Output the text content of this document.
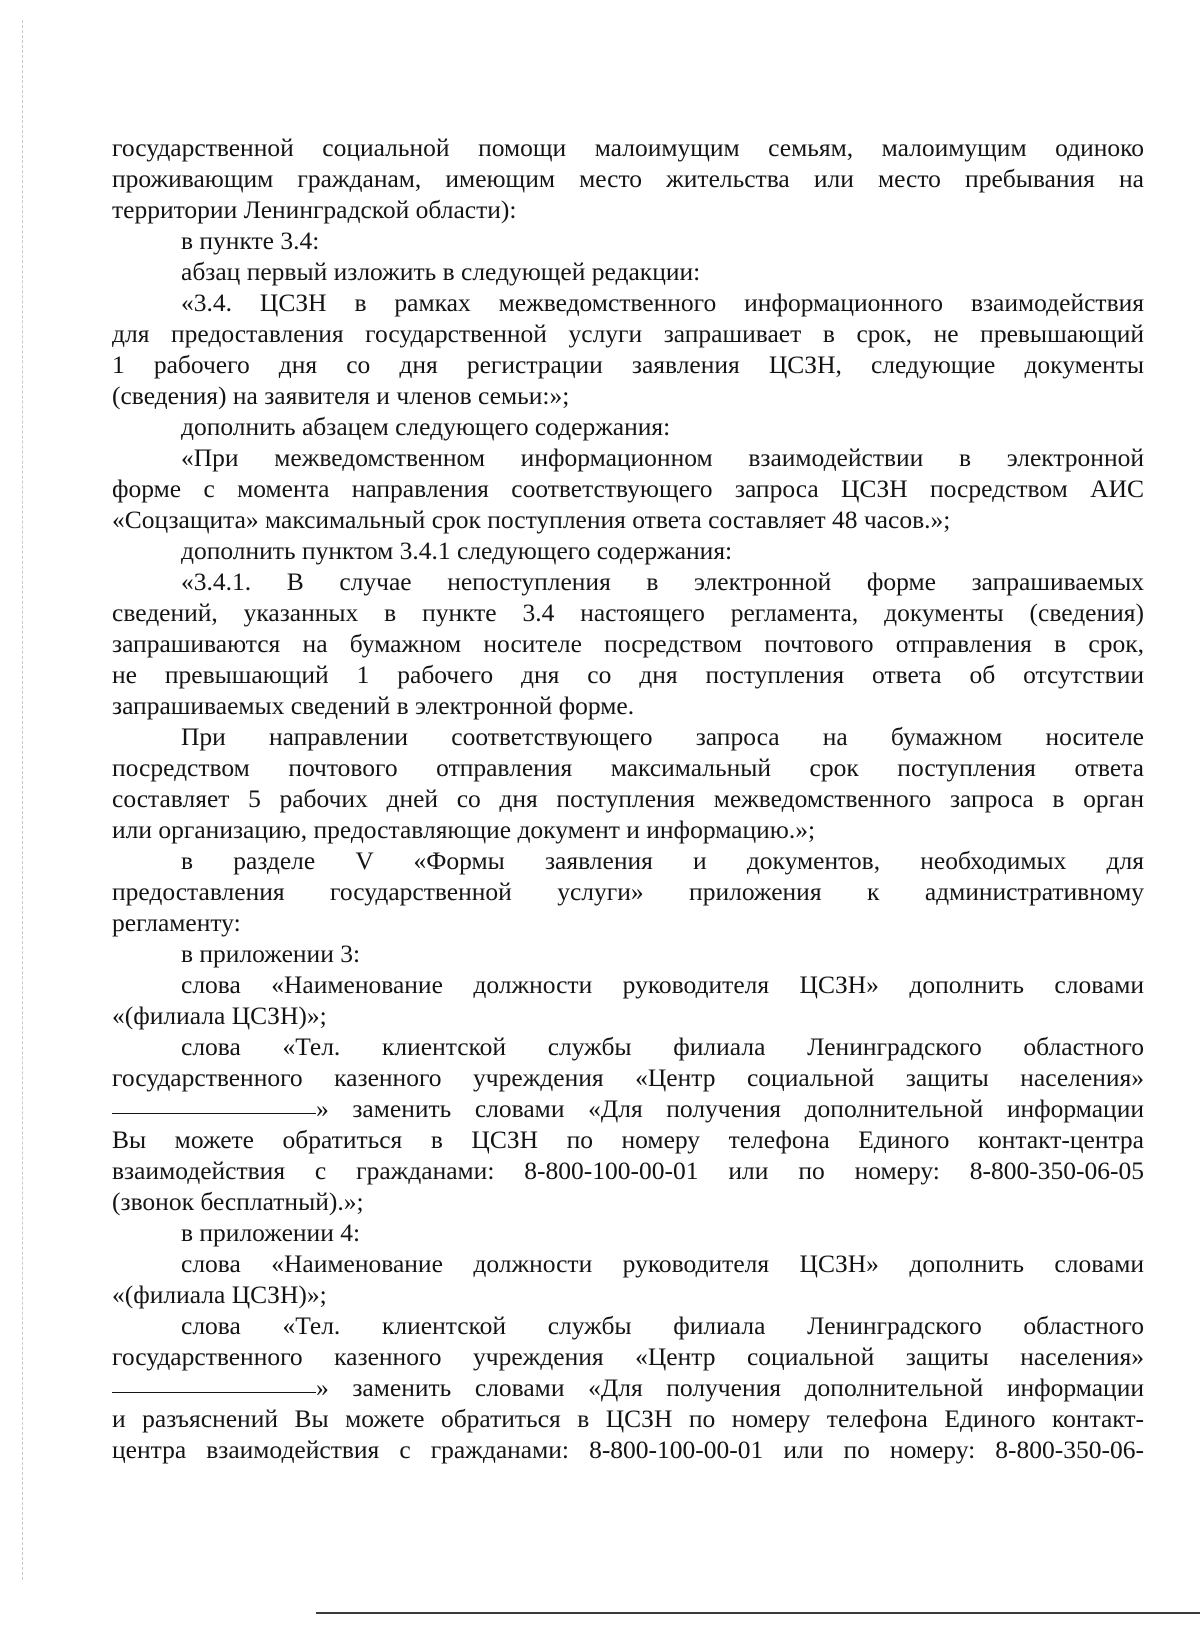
государственной социальной помощи малоимущим семьям, малоимущим одиноко
проживающим гражданам, имеющим место жительства или место пребывания на
территории Ленинградской области):
в пункте 3.4:
абзац первый изложить в следующей редакции:
«3.4. ЦСЗН в рамках межведомственного информационного взаимодействия
для предоставления государственной услуги запрашивает в срок, не превышающий
1 рабочего дня со дня регистрации заявления ЦСЗН, следующие документы
(сведения) на заявителя и членов семьи:»;
дополнить абзацем следующего содержания:
«При межведомственном информационном взаимодействии в электронной
форме с момента направления соответствующего запроса ЦСЗН посредством АИС
«Соцзащита» максимальный срок поступления ответа составляет 48 часов.»;
дополнить пунктом 3.4.1 следующего содержания:
«3.4.1. В случае непоступления в электронной форме запрашиваемых
сведений, указанных в пункте 3.4 настоящего регламента, документы (сведения)
запрашиваются на бумажном носителе посредством почтового отправления в срок,
не превышающий 1 рабочего дня со дня поступления ответа об отсутствии
запрашиваемых сведений в электронной форме.
При направлении соответствующего запроса на бумажном носителе
посредством почтового отправления максимальный срок поступления ответа
составляет 5 рабочих дней со дня поступления межведомственного запроса в орган
или организацию, предоставляющие документ и информацию.»;
в разделе V «Формы заявления и документов, необходимых для
предоставления государственной услуги» приложения к административному
регламенту:
в приложении 3:
слова «Наименование должности руководителя ЦСЗН» дополнить словами
«(филиала ЦСЗН)»;
слова «Тел. клиентской службы филиала Ленинградского областного
государственного казенного учреждения «Центр социальной защиты населения»
» заменить словами «Для получения дополнительной информации
Вы можете обратиться в ЦСЗН по номеру телефона Единого контакт-центра
взаимодействия с гражданами: 8-800-100-00-01 или по номеру: 8-800-350-06-05
(звонок бесплатный).»;
в приложении 4:
слова «Наименование должности руководителя ЦСЗН» дополнить словами
«(филиала ЦСЗН)»;
слова «Тел. клиентской службы филиала Ленинградского областного
государственного казенного учреждения «Центр социальной защиты населения»
» заменить словами «Для получения дополнительной информации
и разъяснений Вы можете обратиться в ЦСЗН по номеру телефона Единого контакт-
центра взаимодействия с гражданами: 8-800-100-00-01 или по номеру: 8-800-350-06-
